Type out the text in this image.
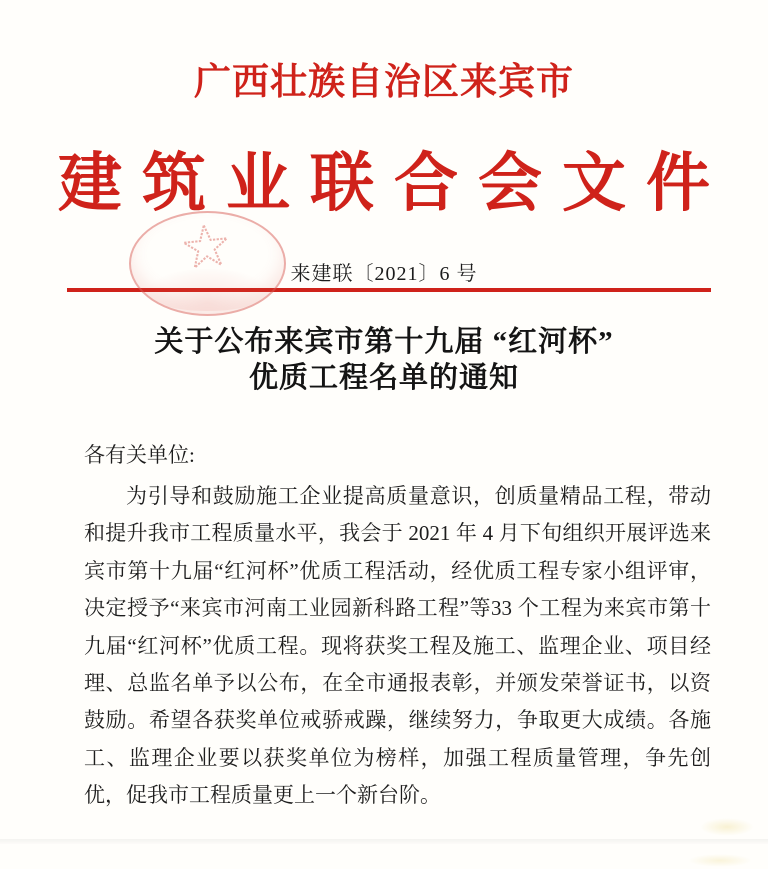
广西壮族自治区来宾市
建筑业联合会文件
来建联〔2021〕6 号
关于公布来宾市第十九届 “红河杯”
优质工程名单的通知
各有关单位:
为引导和鼓励施工企业提高质量意识，创质量精品工程，带动和提升我市工程质量水平，我会于 2021 年 4 月下旬组织开展评选来宾市第十九届“红河杯”优质工程活动，经优质工程专家小组评审，决定授予“来宾市河南工业园新科路工程”等33 个工程为来宾市第十九届“红河杯”优质工程。现将获奖工程及施工、监理企业、项目经理、总监名单予以公布，在全市通报表彰，并颁发荣誉证书，以资鼓励。希望各获奖单位戒骄戒躁，继续努力，争取更大成绩。各施工、监理企业要以获奖单位为榜样，加强工程质量管理，争先创优，促我市工程质量更上一个新台阶。
